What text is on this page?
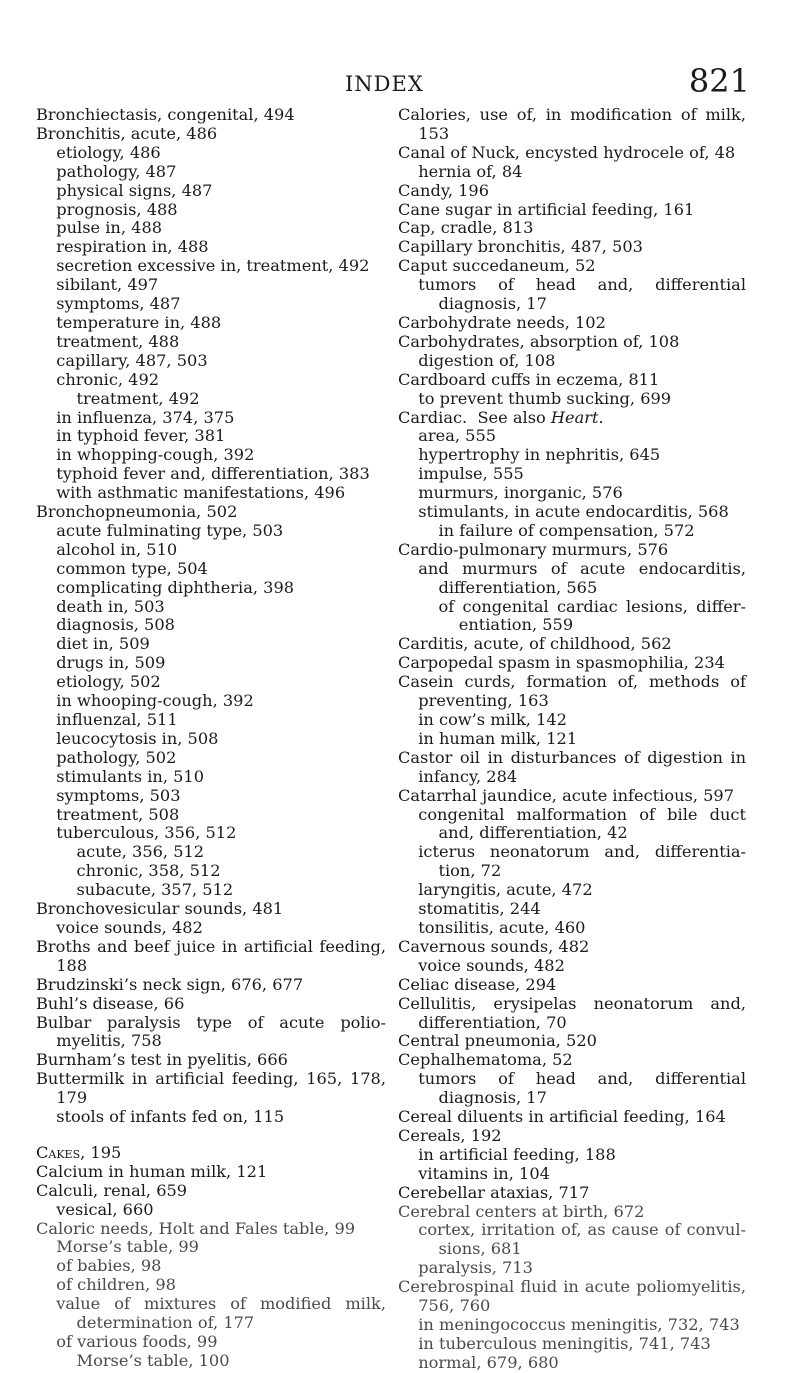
INDEX	821
Bronchiectasis, congenital, 494
Bronchitis, acute, 486
etiology, 486
pathology, 487
physical signs, 487
prognosis, 488
pulse in, 488
respiration in, 488
secretion excessive in, treatment, 492
sibilant, 497
symptoms, 487
temperature in, 488
treatment, 488
capillary, 487, 503
chronic, 492
treatment, 492
in influenza, 374, 375
in typhoid fever, 381
in whopping-cough, 392
typhoid fever and, differentiation, 383
with asthmatic manifestations, 496
Bronchopneumonia, 502
acute fulminating type, 503
alcohol in, 510
common type, 504
complicating diphtheria, 398
death in, 503
diagnosis, 508
diet in, 509
drugs in, 509
etiology, 502
in whooping-cough, 392
influenzal, 511
leucocytosis in, 508
pathology, 502
stimulants in, 510
symptoms, 503
treatment, 508
tuberculous, 356, 512
acute, 356, 512
chronic, 358, 512
subacute, 357, 512
Bronchovesicular sounds, 481
voice sounds, 482
Broths and beef juice in artificial feeding, 188
Brudzinski’s neck sign, 676, 677
Buhl’s disease, 66
Bulbar paralysis type of acute polio-myelitis, 758
Burnham’s test in pyelitis, 666
Buttermilk in artificial feeding, 165, 178, 179
stools of infants fed on, 115
Cakes, 195
Calcium in human milk, 121
Calculi, renal, 659
vesical, 660
Caloric needs, Holt and Fales table, 99
Morse’s table, 99
of babies, 98
of children, 98
value of mixtures of modified milk, determination of, 177
of various foods, 99
Morse’s table, 100
Calories, use of, in modification of milk, 153
Canal of Nuck, encysted hydrocele of, 48
hernia of, 84
Candy, 196
Cane sugar in artificial feeding, 161
Cap, cradle, 813
Capillary bronchitis, 487, 503
Caput succedaneum, 52
tumors of head and, differential diagnosis, 17
Carbohydrate needs, 102
Carbohydrates, absorption of, 108
digestion of, 108
Cardboard cuffs in eczema, 811
to prevent thumb sucking, 699
Cardiac.  See also Heart.
area, 555
hypertrophy in nephritis, 645
impulse, 555
murmurs, inorganic, 576
stimulants, in acute endocarditis, 568
in failure of compensation, 572
Cardio-pulmonary murmurs, 576
and murmurs of acute endocarditis, differentiation, 565
of congenital cardiac lesions, differ-entiation, 559
Carditis, acute, of childhood, 562
Carpopedal spasm in spasmophilia, 234
Casein curds, formation of, methods of preventing, 163
in cow’s milk, 142
in human milk, 121
Castor oil in disturbances of digestion in infancy, 284
Catarrhal jaundice, acute infectious, 597
congenital malformation of bile duct and, differentiation, 42
icterus neonatorum and, differentia-tion, 72
laryngitis, acute, 472
stomatitis, 244
tonsilitis, acute, 460
Cavernous sounds, 482
voice sounds, 482
Celiac disease, 294
Cellulitis, erysipelas neonatorum and, differentiation, 70
Central pneumonia, 520
Cephalhematoma, 52
tumors of head and, differential diagnosis, 17
Cereal diluents in artificial feeding, 164
Cereals, 192
in artificial feeding, 188
vitamins in, 104
Cerebellar ataxias, 717
Cerebral centers at birth, 672
cortex, irritation of, as cause of convul-sions, 681
paralysis, 713
Cerebrospinal fluid in acute poliomyelitis, 756, 760
in meningococcus meningitis, 732, 743
in tuberculous meningitis, 741, 743
normal, 679, 680
